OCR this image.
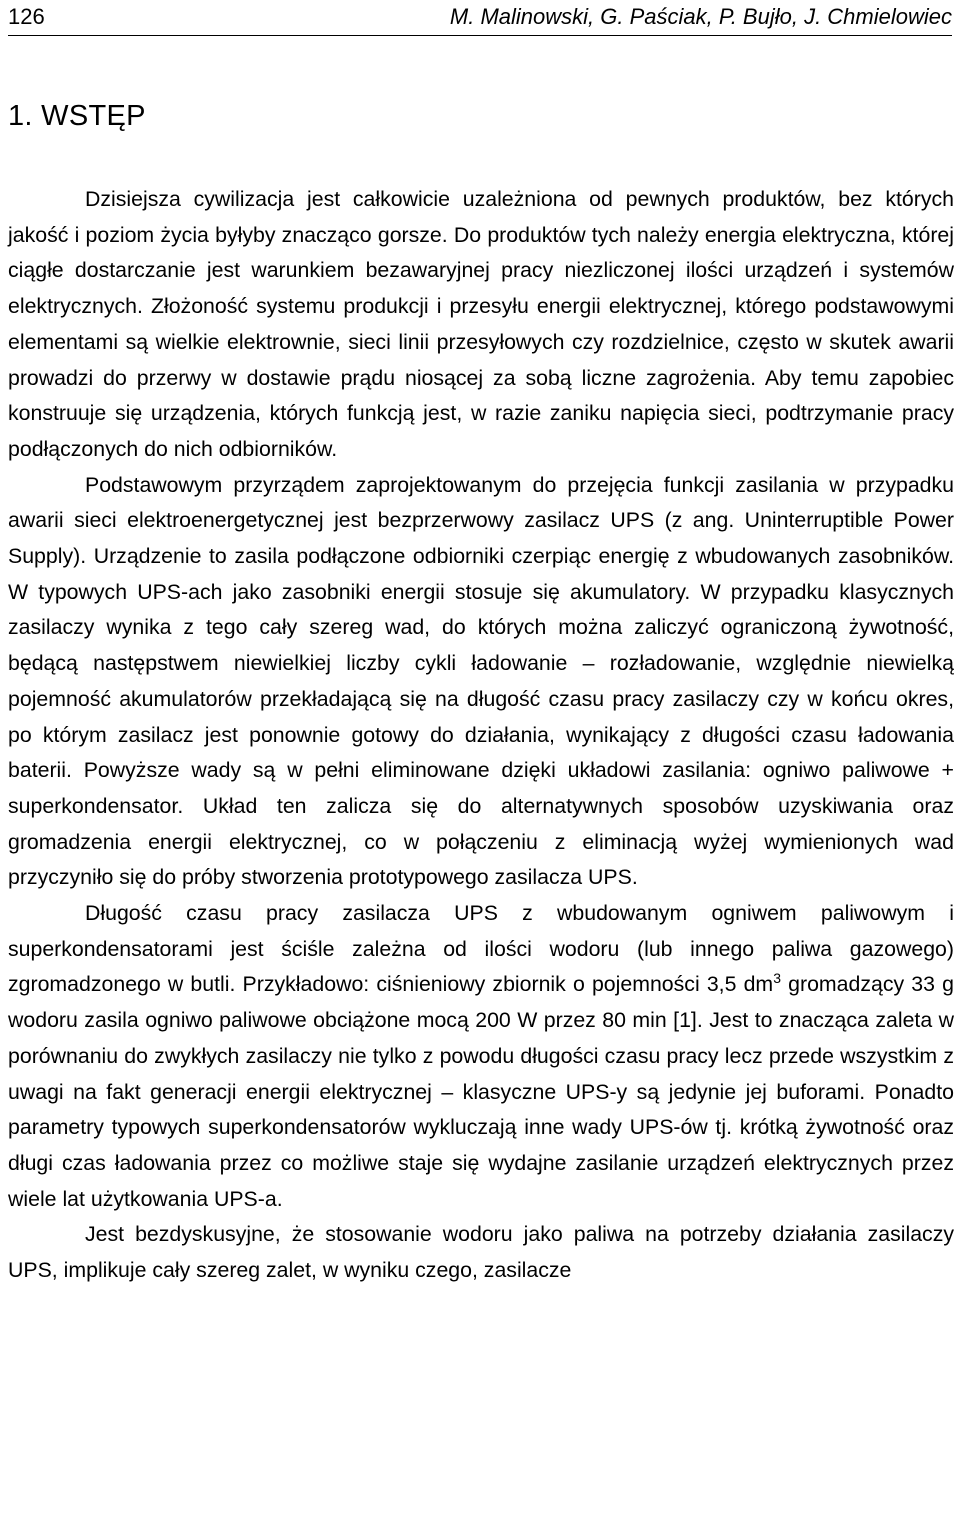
126	M. Malinowski, G. Paściak, P. Bujło, J. Chmielowiec
1. WSTĘP

Dzisiejsza cywilizacja jest całkowicie uzależniona od pewnych produktów, bez których jakość i poziom życia byłyby znacząco gorsze. Do produktów tych należy energia elektryczna, której ciągłe dostarczanie jest warunkiem bezawaryjnej pracy niezliczonej ilości urządzeń i systemów elektrycznych. Złożoność systemu produkcji i przesyłu energii elektrycznej, którego podstawowymi elementami są wielkie elektrownie, sieci linii przesyłowych czy rozdzielnice, często w skutek awarii prowadzi do przerwy w dostawie prądu niosącej za sobą liczne zagrożenia. Aby temu zapobiec konstruuje się urządzenia, których funkcją jest, w razie zaniku napięcia sieci, podtrzymanie pracy podłączonych do nich odbiorników.

Podstawowym przyrządem zaprojektowanym do przejęcia funkcji zasilania w przypadku awarii sieci elektroenergetycznej jest bezprzerwowy zasilacz UPS (z ang. Uninterruptible Power Supply). Urządzenie to zasila podłączone odbiorniki czerpiąc energię z wbudowanych zasobników. W typowych UPS-ach jako zasobniki energii stosuje się akumulatory. W przypadku klasycznych zasilaczy wynika z tego cały szereg wad, do których można zaliczyć ograniczoną żywotność, będącą następstwem niewielkiej liczby cykli ładowanie – rozładowanie, względnie niewielką pojemność akumulatorów przekładającą się na długość czasu pracy zasilaczy czy w końcu okres, po którym zasilacz jest ponownie gotowy do działania, wynikający z długości czasu ładowania baterii. Powyższe wady są w pełni eliminowane dzięki układowi zasilania: ogniwo paliwowe + superkondensator. Układ ten zalicza się do alternatywnych sposobów uzyskiwania oraz gromadzenia energii elektrycznej, co w połączeniu z eliminacją wyżej wymienionych wad przyczyniło się do próby stworzenia prototypowego zasilacza UPS.

Długość czasu pracy zasilacza UPS z wbudowanym ogniwem paliwowym i superkondensatorami jest ściśle zależna od ilości wodoru (lub innego paliwa gazowego) zgromadzonego w butli. Przykładowo: ciśnieniowy zbiornik o pojemności 3,5 $dm^3$ gromadzący 33 g wodoru zasila ogniwo paliwowe obciążone mocą 200 W przez 80 min [1]. Jest to znacząca zaleta w porównaniu do zwykłych zasilaczy nie tylko z powodu długości czasu pracy lecz przede wszystkim z uwagi na fakt generacji energii elektrycznej – klasyczne UPS-y są jedynie jej buforami. Ponadto parametry typowych superkondensatorów wykluczają inne wady UPS-ów tj. krótką żywotność oraz długi czas ładowania przez co możliwe staje się wydajne zasilanie urządzeń elektrycznych przez wiele lat użytkowania UPS-a.

Jest bezdyskusyjne, że stosowanie wodoru jako paliwa na potrzeby działania zasilaczy UPS, implikuje cały szereg zalet, w wyniku czego, zasilacze
